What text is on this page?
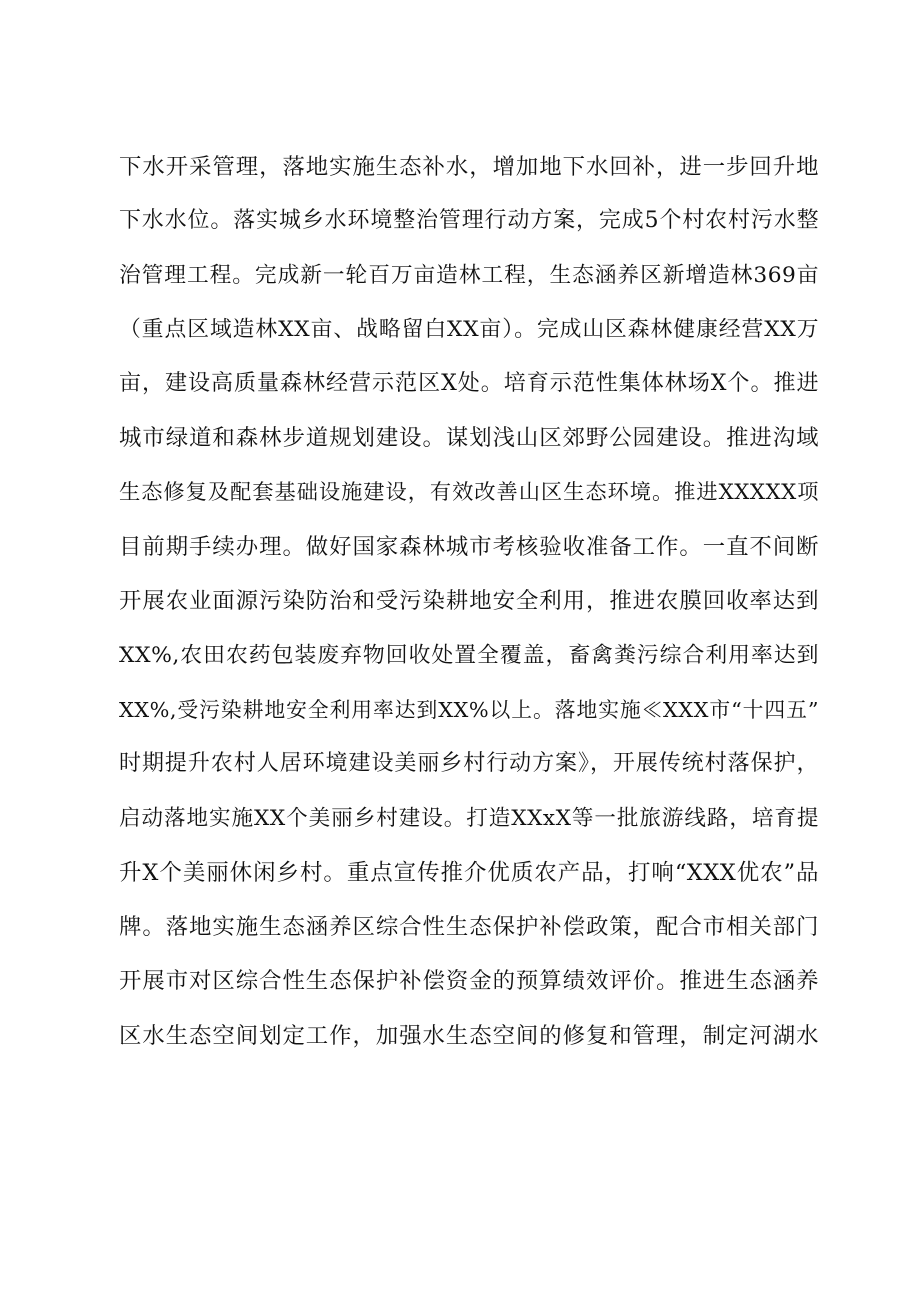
下水开采管理，落地实施生态补水，增加地下水回补，进一步回升地
下水水位。落实城乡水环境整治管理行动方案，完成5个村农村污水整
治管理工程。完成新一轮百万亩造林工程，生态涵养区新增造林369亩
（重点区域造林XX亩、战略留白XX亩）。完成山区森林健康经营XX万
亩，建设高质量森林经营示范区X处。培育示范性集体林场X个。推进
城市绿道和森林步道规划建设。谋划浅山区郊野公园建设。推进沟域
生态修复及配套基础设施建设，有效改善山区生态环境。推进XXXXX项
目前期手续办理。做好国家森林城市考核验收准备工作。一直不间断
开展农业面源污染防治和受污染耕地安全利用，推进农膜回收率达到
XX%,农田农药包装废弃物回收处置全覆盖，畜禽粪污综合利用率达到
XX%,受污染耕地安全利用率达到XX%以上。落地实施≪XXX市“十四五”
时期提升农村人居环境建设美丽乡村行动方案》，开展传统村落保护，
启动落地实施XX个美丽乡村建设。打造XXxX等一批旅游线路，培育提
升X个美丽休闲乡村。重点宣传推介优质农产品，打响“XXX优农”品
牌。落地实施生态涵养区综合性生态保护补偿政策，配合市相关部门
开展市对区综合性生态保护补偿资金的预算绩效评价。推进生态涵养
区水生态空间划定工作，加强水生态空间的修复和管理，制定河湖水
